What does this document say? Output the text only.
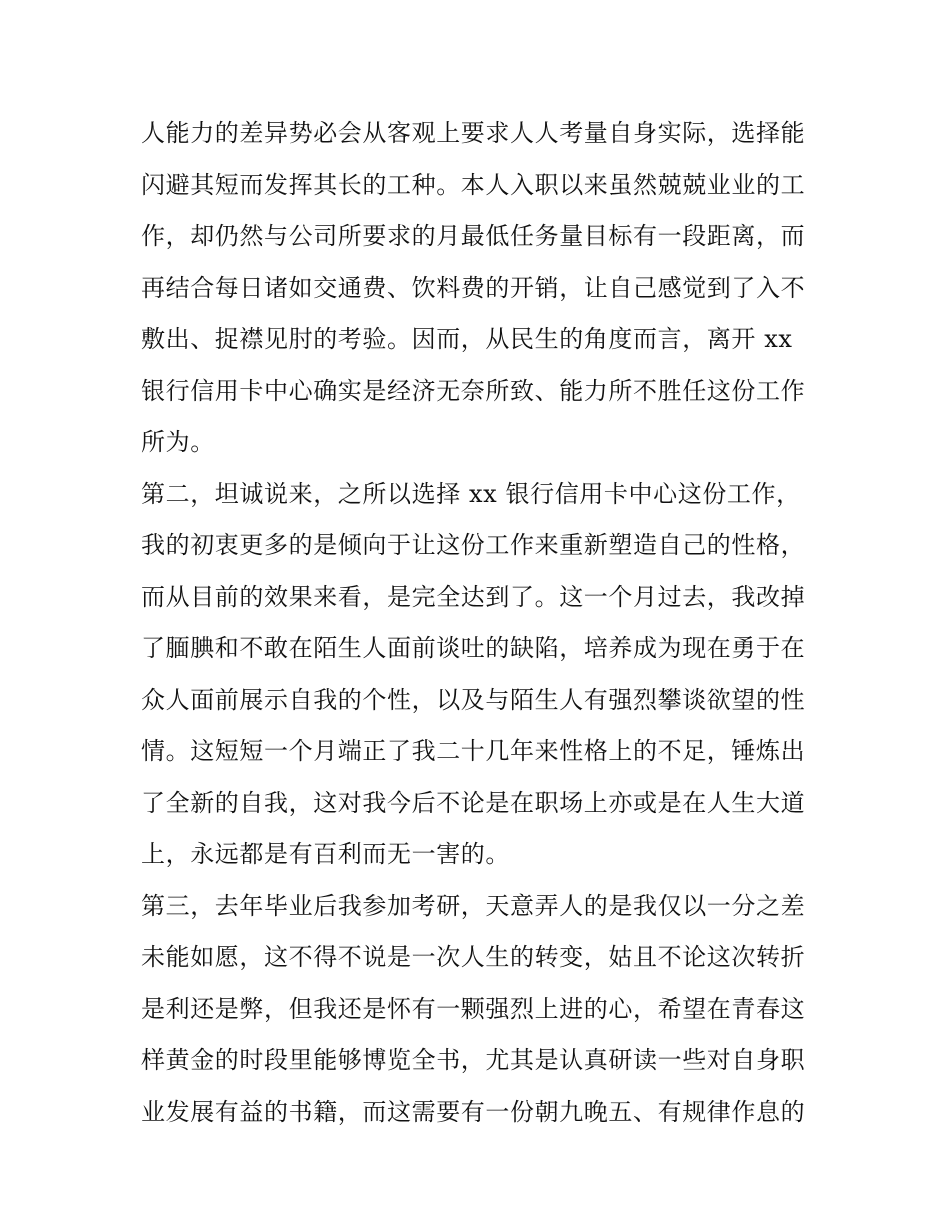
人能力的差异势必会从客观上要求人人考量自身实际，选择能
闪避其短而发挥其长的工种。本人入职以来虽然兢兢业业的工
作，却仍然与公司所要求的月最低任务量目标有一段距离，而
再结合每日诸如交通费、饮料费的开销，让自己感觉到了入不
敷出、捉襟见肘的考验。因而，从民生的角度而言，离开 xx
银行信用卡中心确实是经济无奈所致、能力所不胜任这份工作
所为。
第二，坦诚说来，之所以选择 xx 银行信用卡中心这份工作，
我的初衷更多的是倾向于让这份工作来重新塑造自己的性格，
而从目前的效果来看，是完全达到了。这一个月过去，我改掉
了腼腆和不敢在陌生人面前谈吐的缺陷，培养成为现在勇于在
众人面前展示自我的个性，以及与陌生人有强烈攀谈欲望的性
情。这短短一个月端正了我二十几年来性格上的不足，锤炼出
了全新的自我，这对我今后不论是在职场上亦或是在人生大道
上，永远都是有百利而无一害的。
第三，去年毕业后我参加考研，天意弄人的是我仅以一分之差
未能如愿，这不得不说是一次人生的转变，姑且不论这次转折
是利还是弊，但我还是怀有一颗强烈上进的心，希望在青春这
样黄金的时段里能够博览全书，尤其是认真研读一些对自身职
业发展有益的书籍，而这需要有一份朝九晚五、有规律作息的
